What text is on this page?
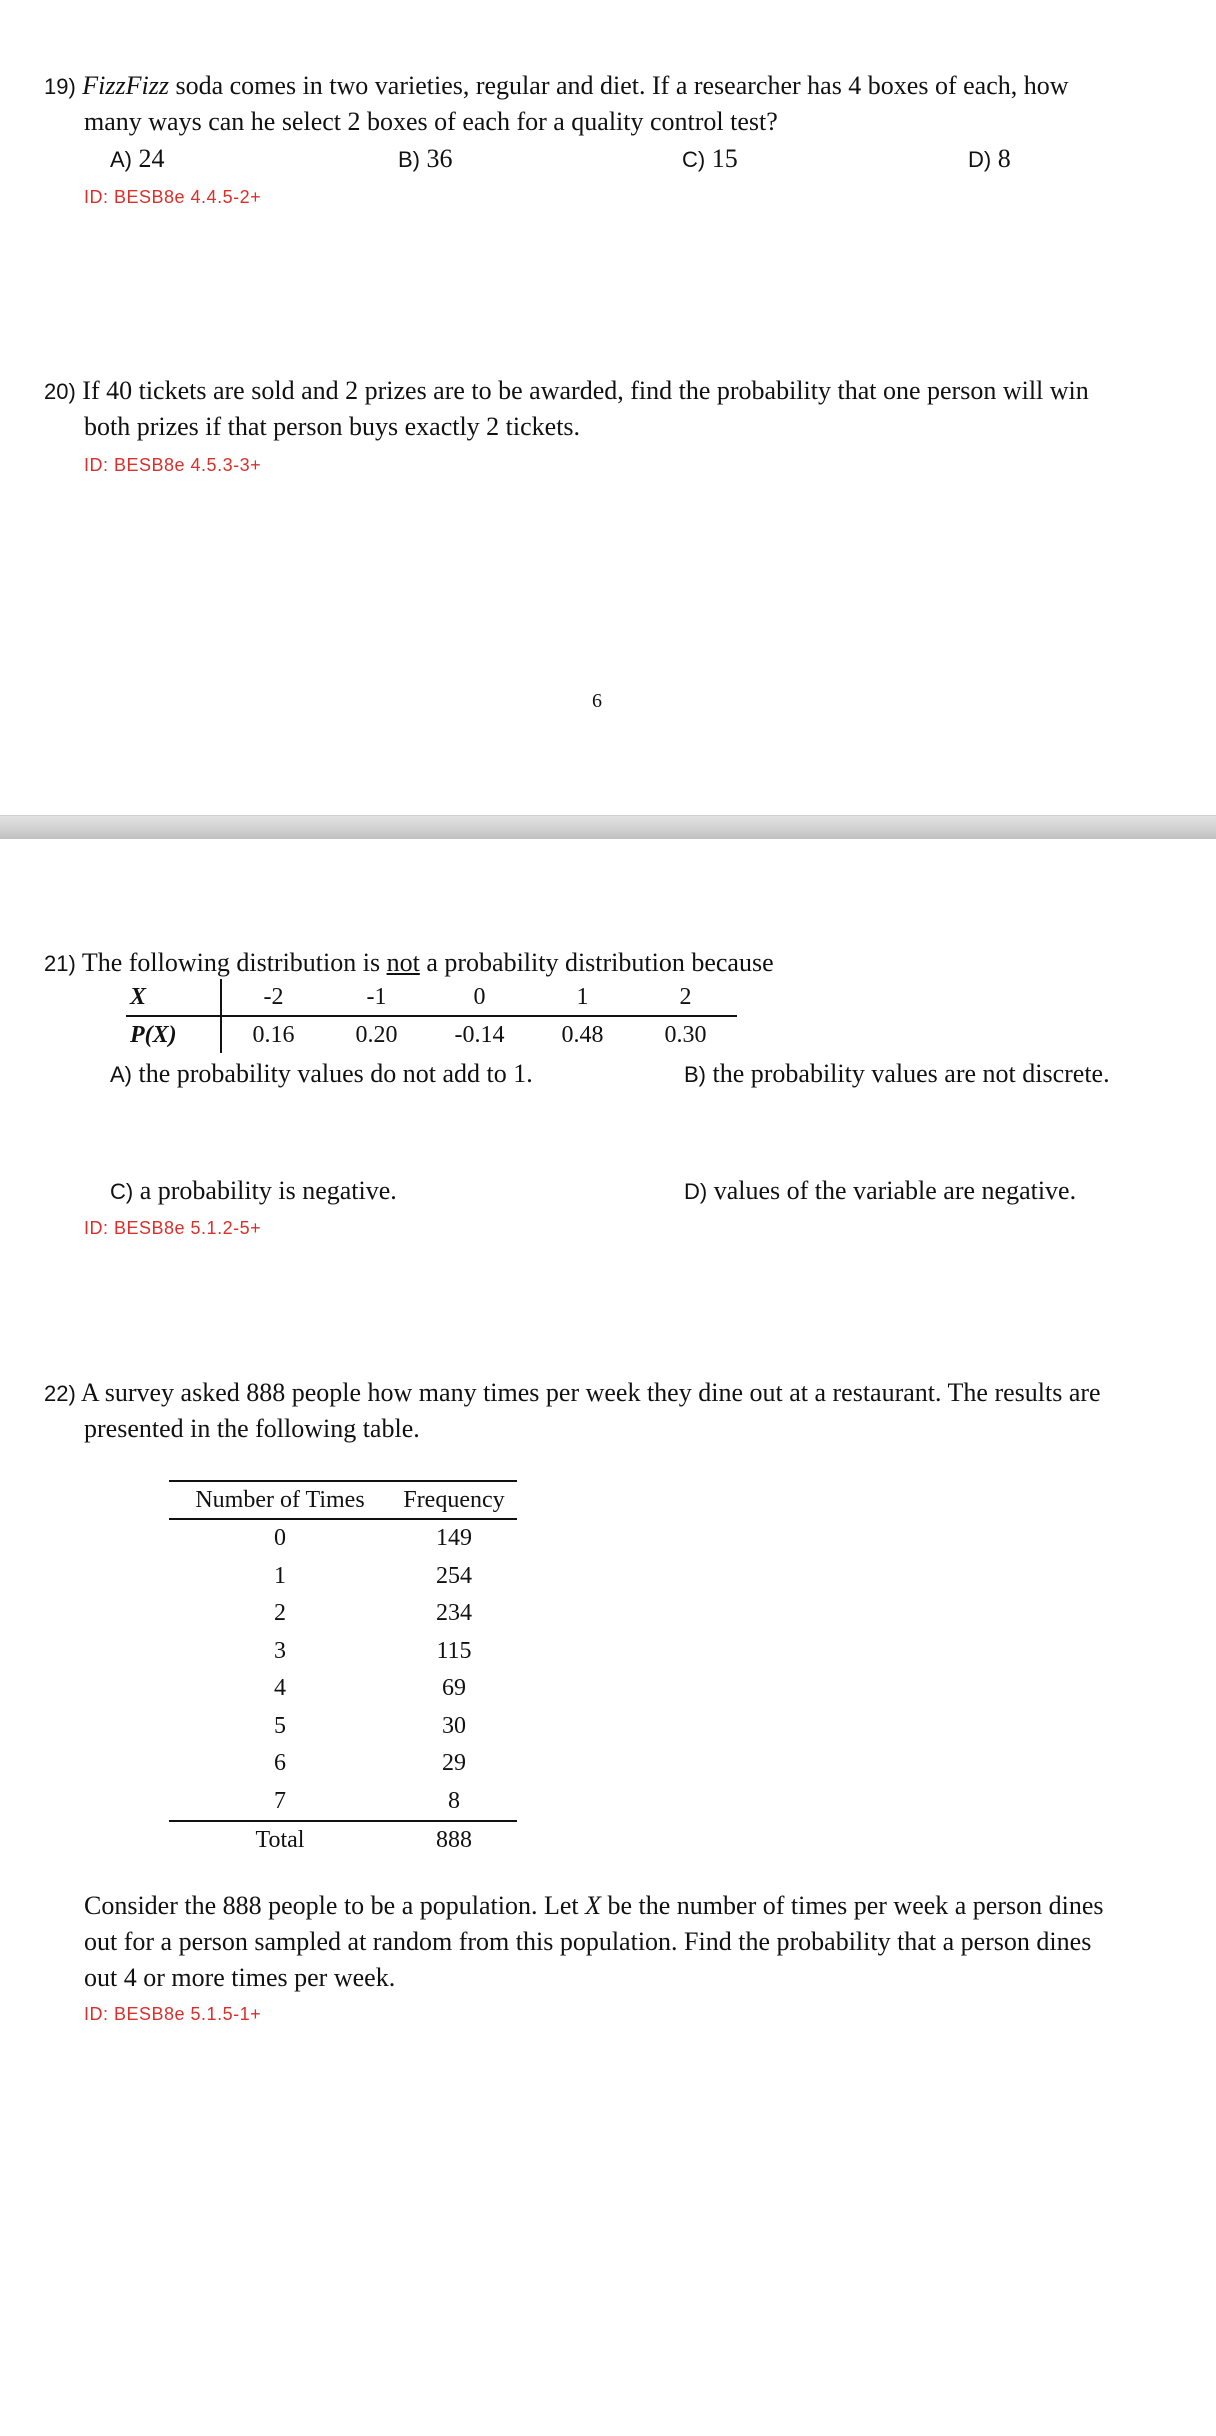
19) FizzFizz soda comes in two varieties, regular and diet. If a researcher has 4 boxes of each, how
many ways can he select 2 boxes of each for a quality control test?
A) 24	B) 36	C) 15	D) 8
ID: BESB8e 4.4.5-2+
20) If 40 tickets are sold and 2 prizes are to be awarded, find the probability that one person will win
both prizes if that person buys exactly 2 tickets.
ID: BESB8e 4.5.3-3+
6
21) The following distribution is not a probability distribution because
X	-2	-1	0	1	2
P(X)	0.16	0.20	-0.14	0.48	0.30
A) the probability values do not add to 1.	B) the probability values are not discrete.
C) a probability is negative.	D) values of the variable are negative.
ID: BESB8e 5.1.2-5+
22) A survey asked 888 people how many times per week they dine out at a restaurant. The results are
presented in the following table.
Number of Times	Frequency
0	149
1	254
2	234
3	115
4	69
5	30
6	29
7	8
Total	888
Consider the 888 people to be a population. Let X be the number of times per week a person dines
out for a person sampled at random from this population. Find the probability that a person dines
out 4 or more times per week.
ID: BESB8e 5.1.5-1+
